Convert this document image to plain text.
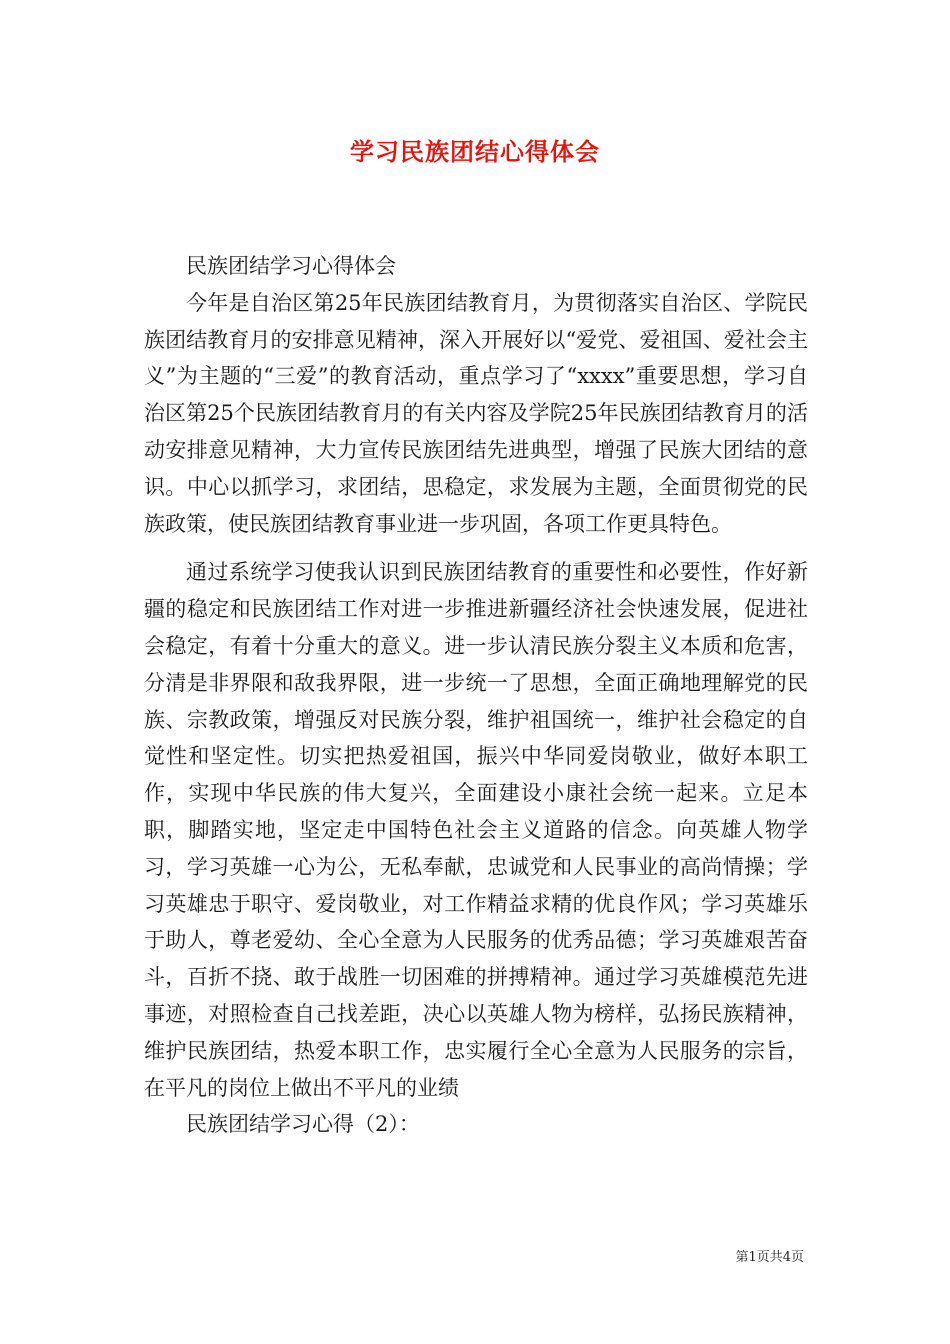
学习民族团结心得体会

民族团结学习心得体会

今年是自治区第25年民族团结教育月，为贯彻落实自治区、学院民族团结教育月的安排意见精神，深入开展好以“爱党、爱祖国、爱社会主义”为主题的“三爱”的教育活动，重点学习了“xxxx”重要思想，学习自治区第25个民族团结教育月的有关内容及学院25年民族团结教育月的活动安排意见精神，大力宣传民族团结先进典型，增强了民族大团结的意识。中心以抓学习，求团结，思稳定，求发展为主题，全面贯彻党的民族政策，使民族团结教育事业进一步巩固，各项工作更具特色。

通过系统学习使我认识到民族团结教育的重要性和必要性，作好新疆的稳定和民族团结工作对进一步推进新疆经济社会快速发展，促进社会稳定，有着十分重大的意义。进一步认清民族分裂主义本质和危害，分清是非界限和敌我界限，进一步统一了思想，全面正确地理解党的民族、宗教政策，增强反对民族分裂，维护祖国统一，维护社会稳定的自觉性和坚定性。切实把热爱祖国，振兴中华同爱岗敬业，做好本职工作，实现中华民族的伟大复兴，全面建设小康社会统一起来。立足本职，脚踏实地，坚定走中国特色社会主义道路的信念。向英雄人物学习，学习英雄一心为公，无私奉献，忠诚党和人民事业的高尚情操；学习英雄忠于职守、爱岗敬业，对工作精益求精的优良作风；学习英雄乐于助人，尊老爱幼、全心全意为人民服务的优秀品德；学习英雄艰苦奋斗，百折不挠、敢于战胜一切困难的拼搏精神。通过学习英雄模范先进事迹，对照检查自己找差距，决心以英雄人物为榜样，弘扬民族精神，维护民族团结，热爱本职工作，忠实履行全心全意为人民服务的宗旨，在平凡的岗位上做出不平凡的业绩

民族团结学习心得（2）：

第1页共4页
